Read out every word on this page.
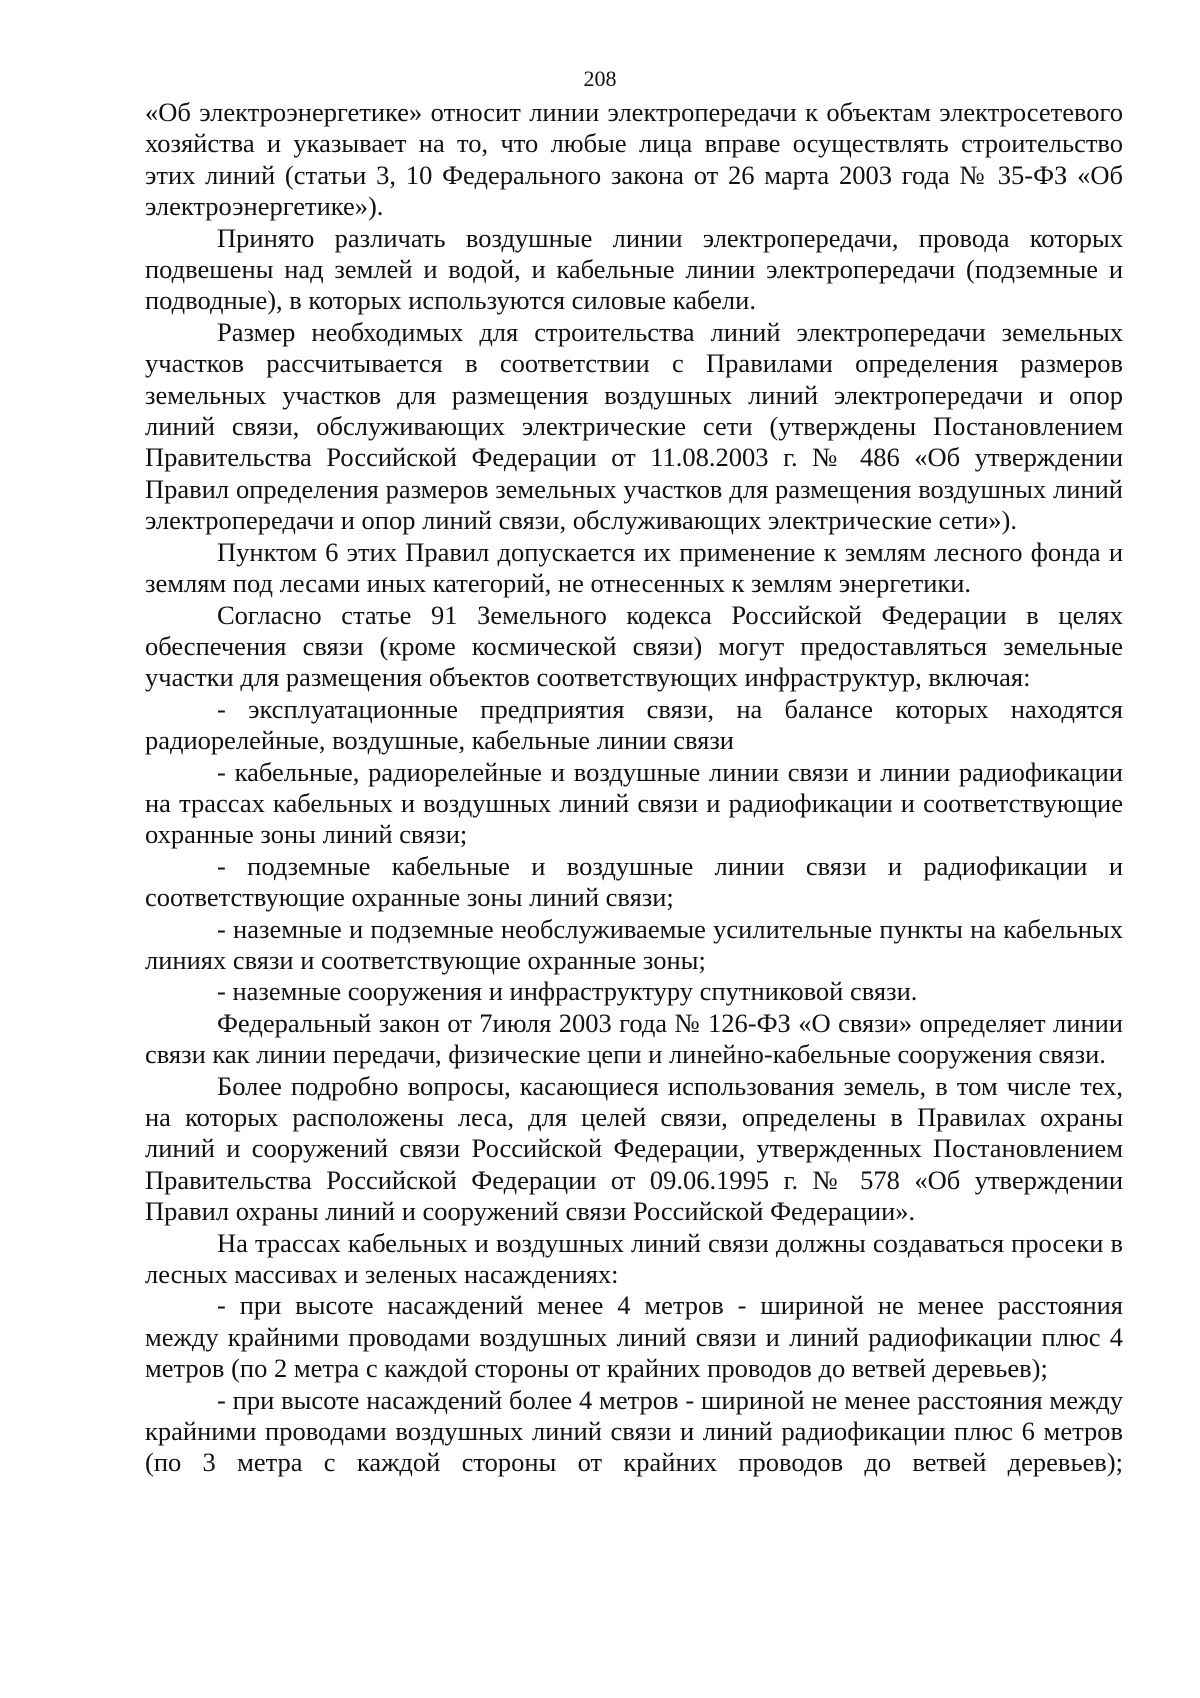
208

«Об электроэнергетике» относит линии электропередачи к объектам электросетевого хозяйства и указывает на то, что любые лица вправе осуществлять строительство этих линий (статьи 3, 10 Федерального закона от 26 марта 2003 года № 35-ФЗ «Об электроэнергетике»).

Принято различать воздушные линии электропередачи, провода которых подвешены над землей и водой, и кабельные линии электропередачи (подземные и подводные), в которых используются силовые кабели.

Размер необходимых для строительства линий электропередачи земельных участков рассчитывается в соответствии с Правилами определения размеров земельных участков для размещения воздушных линий электропередачи и опор линий связи, обслуживающих электрические сети (утверждены Постановлением Правительства Российской Федерации от 11.08.2003 г. № 486 «Об утверждении Правил определения размеров земельных участков для размещения воздушных линий электропередачи и опор линий связи, обслуживающих электрические сети»).

Пунктом 6 этих Правил допускается их применение к землям лесного фонда и землям под лесами иных категорий, не отнесенных к землям энергетики.

Согласно статье 91 Земельного кодекса Российской Федерации в целях обеспечения связи (кроме космической связи) могут предоставляться земельные участки для размещения объектов соответствующих инфраструктур, включая:

- эксплуатационные предприятия связи, на балансе которых находятся радиорелейные, воздушные, кабельные линии связи

- кабельные, радиорелейные и воздушные линии связи и линии радиофикации на трассах кабельных и воздушных линий связи и радиофикации и соответствующие охранные зоны линий связи;

- подземные кабельные и воздушные линии связи и радиофикации и соответствующие охранные зоны линий связи;

- наземные и подземные необслуживаемые усилительные пункты на кабельных линиях связи и соответствующие охранные зоны;

- наземные сооружения и инфраструктуру спутниковой связи.

Федеральный закон от 7июля 2003 года № 126-ФЗ «О связи» определяет линии связи как линии передачи, физические цепи и линейно-кабельные сооружения связи.

Более подробно вопросы, касающиеся использования земель, в том числе тех, на которых расположены леса, для целей связи, определены в Правилах охраны линий и сооружений связи Российской Федерации, утвержденных Постановлением Правительства Российской Федерации от 09.06.1995 г. № 578 «Об утверждении Правил охраны линий и сооружений связи Российской Федерации».

На трассах кабельных и воздушных линий связи должны создаваться просеки в лесных массивах и зеленых насаждениях:

- при высоте насаждений менее 4 метров - шириной не менее расстояния между крайними проводами воздушных линий связи и линий радиофикации плюс 4 метров (по 2 метра с каждой стороны от крайних проводов до ветвей деревьев);

- при высоте насаждений более 4 метров - шириной не менее расстояния между крайними проводами воздушных линий связи и линий радиофикации плюс 6 метров (по 3 метра с каждой стороны от крайних проводов до ветвей деревьев);
